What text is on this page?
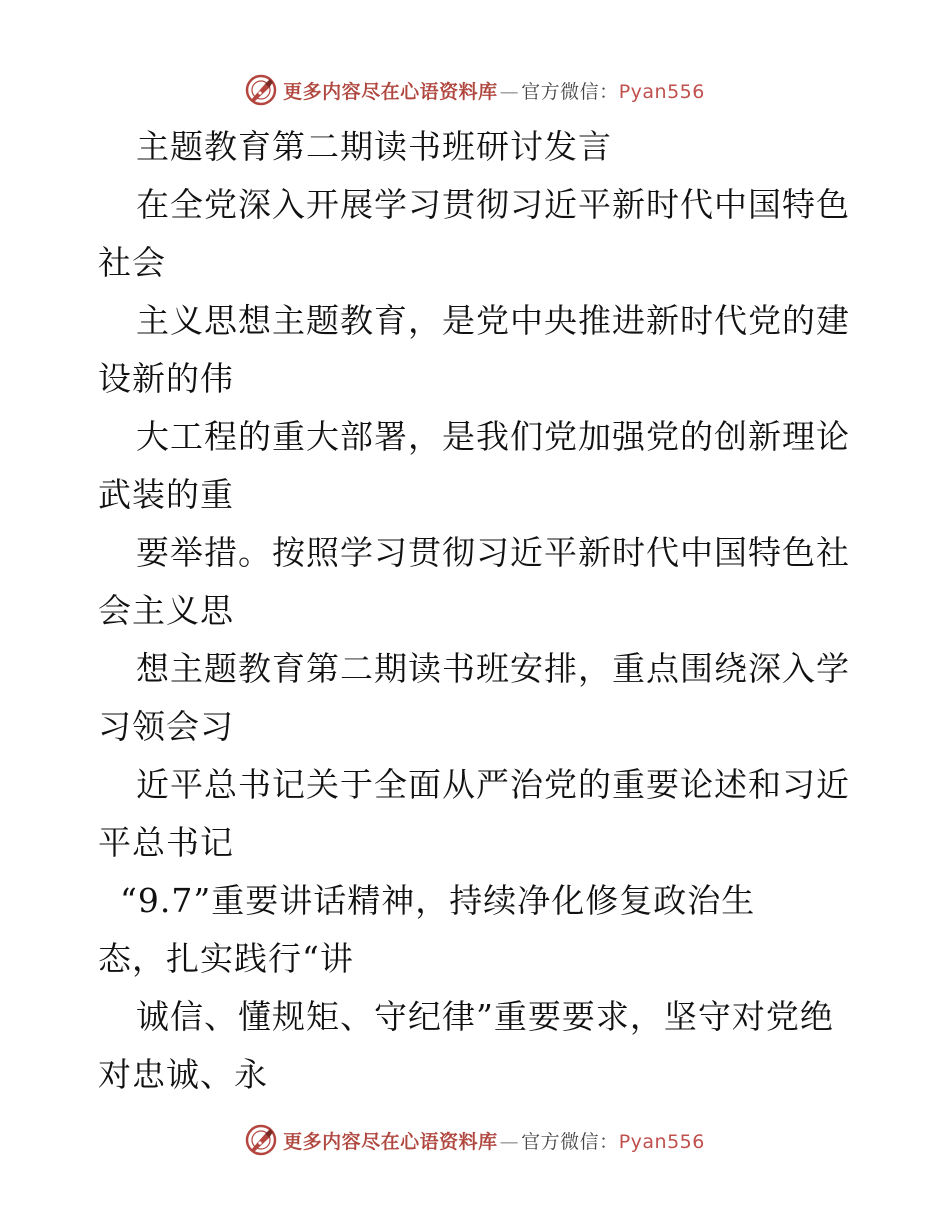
更多内容尽在心语资料库 — 官方微信：Pyan556
主题教育第二期读书班研讨发言
在全党深入开展学习贯彻习近平新时代中国特色
社会
主义思想主题教育，是党中央推进新时代党的建
设新的伟
大工程的重大部署，是我们党加强党的创新理论
武装的重
要举措。按照学习贯彻习近平新时代中国特色社
会主义思
想主题教育第二期读书班安排，重点围绕深入学
习领会习
近平总书记关于全面从严治党的重要论述和习近
平总书记
“9.7”重要讲话精神，持续净化修复政治生
态，扎实践行“讲
诚信、懂规矩、守纪律”重要要求，坚守对党绝
对忠诚、永
更多内容尽在心语资料库 — 官方微信：Pyan556
